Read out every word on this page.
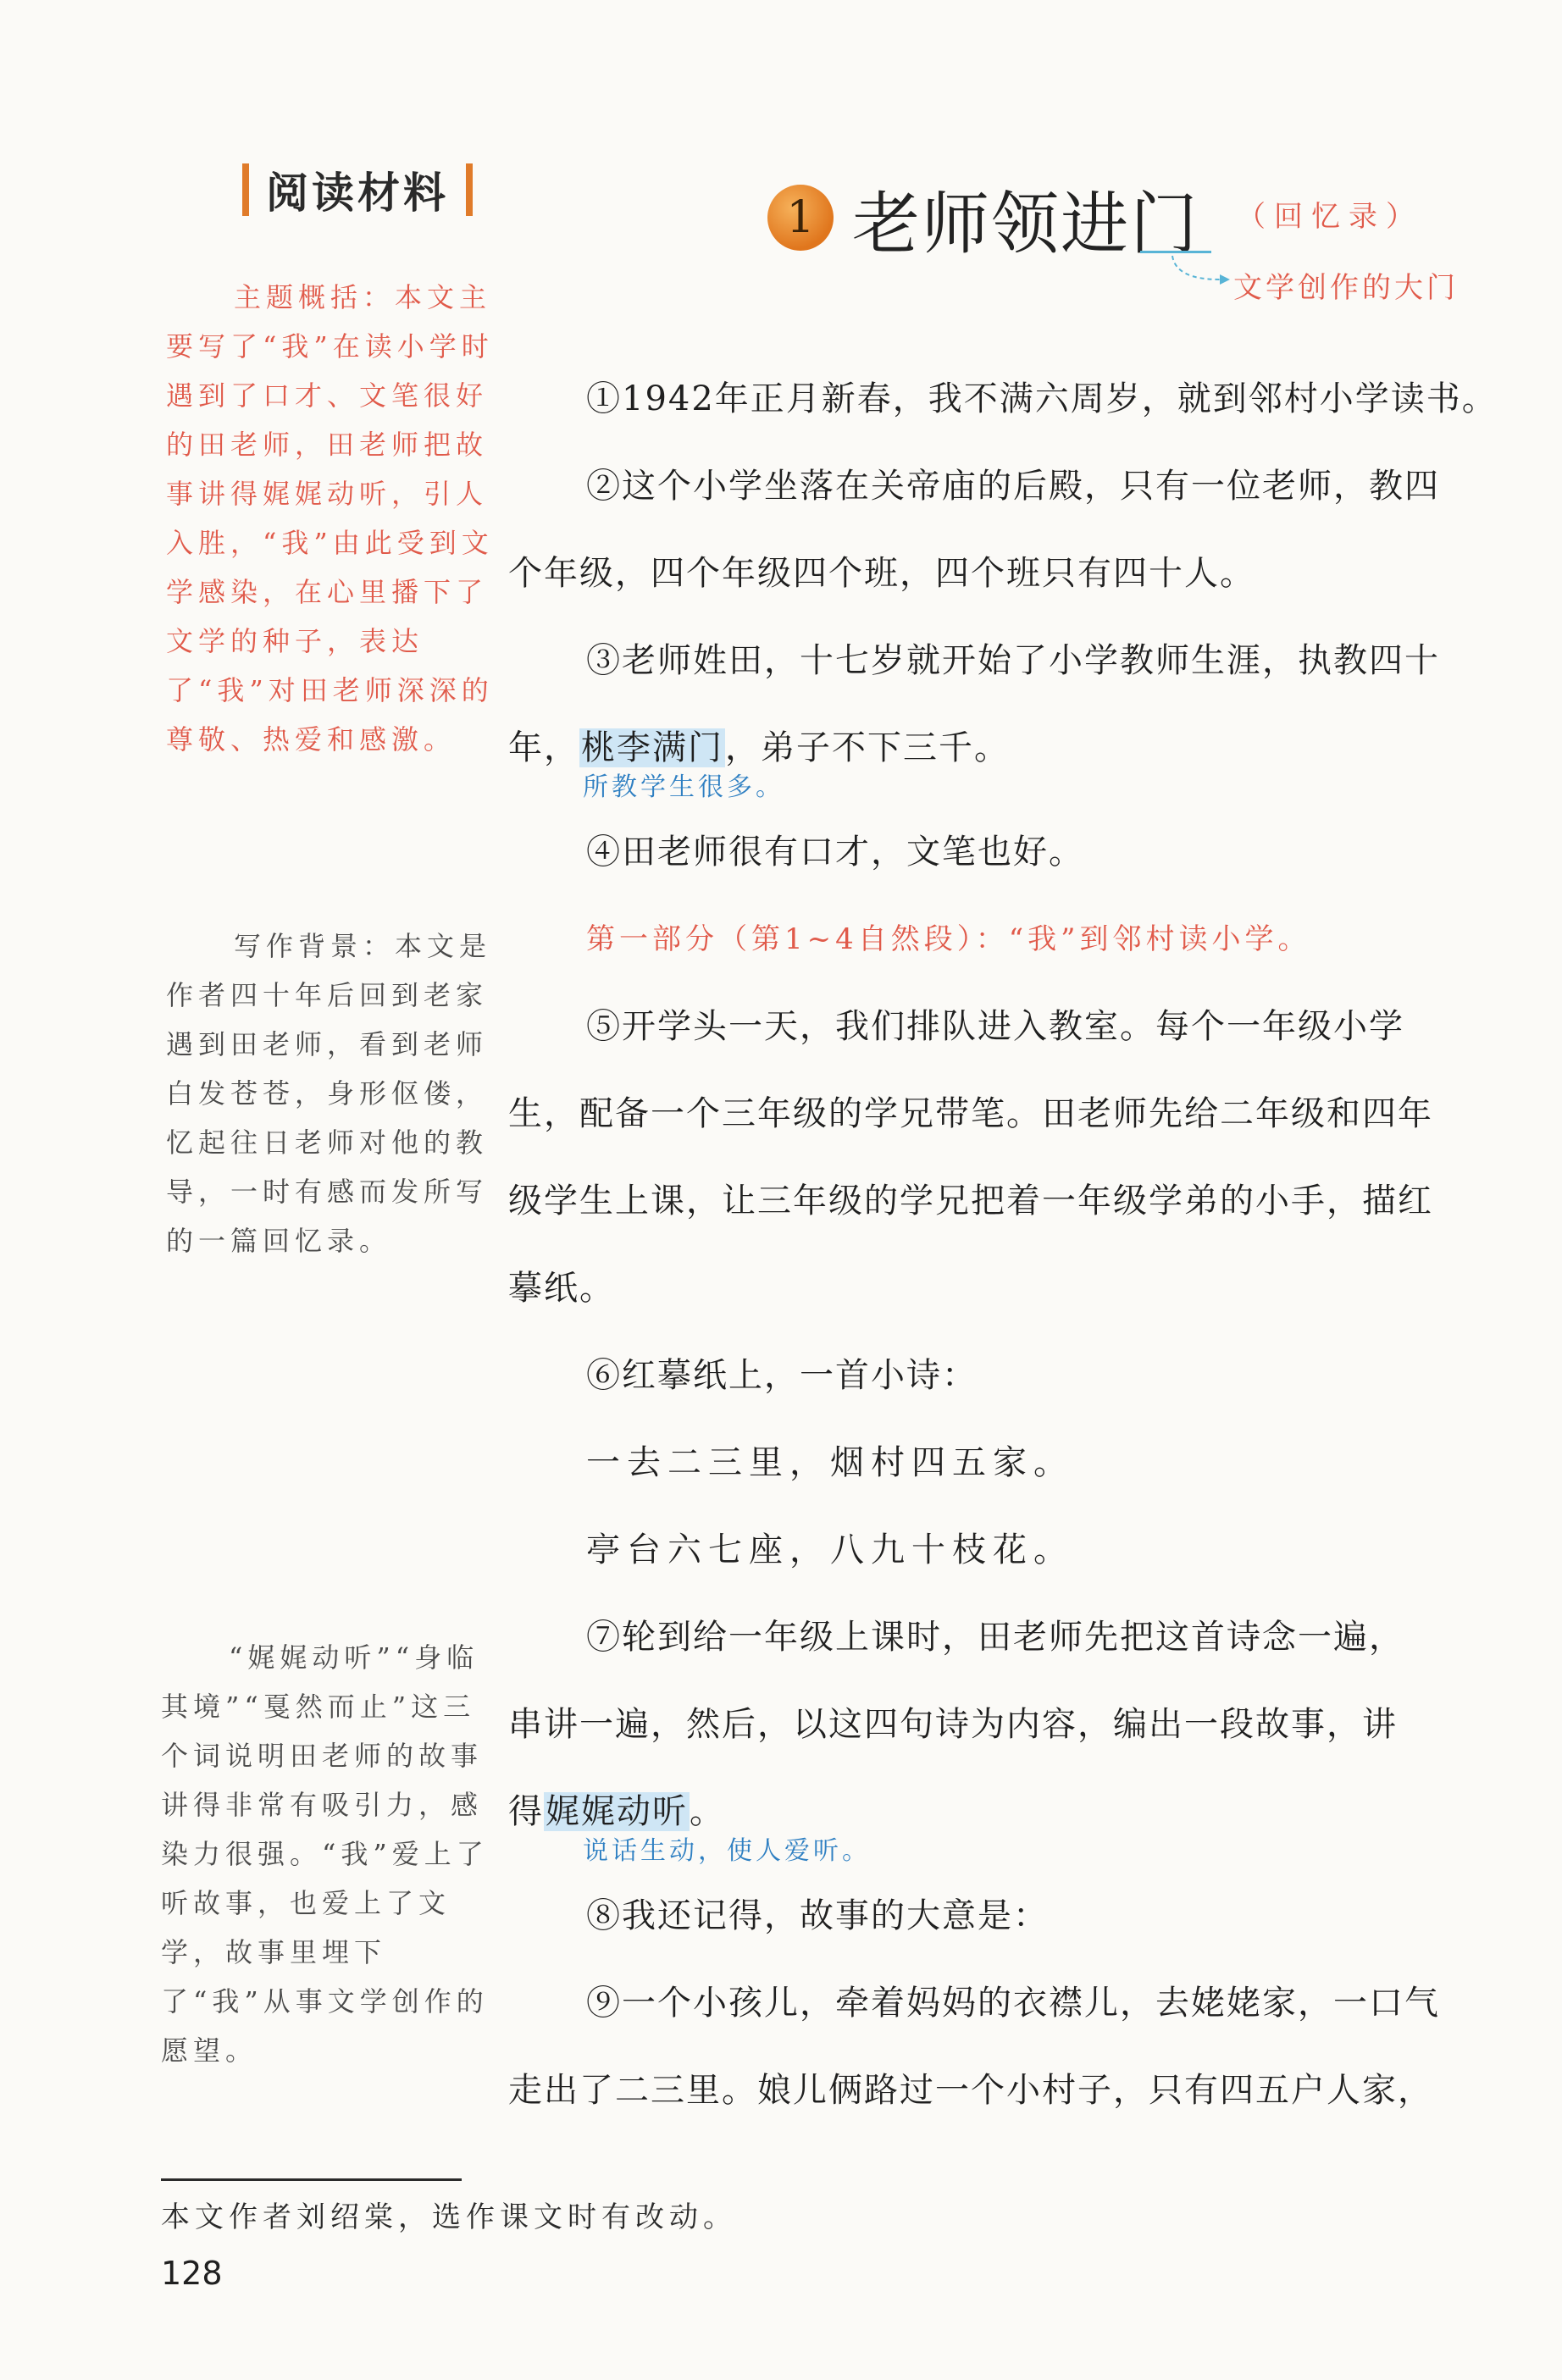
阅读材料	1 老师领进门 （回忆录）
文学创作的大门
主题概括：本文主要写了“我”在读小学时遇到了口才、文笔很好的田老师，田老师把故事讲得娓娓动听，引人入胜，“我”由此受到文学感染，在心里播下了文学的种子，表达了“我”对田老师深深的尊敬、热爱和感激。
写作背景：本文是作者四十年后回到老家遇到田老师，看到老师白发苍苍，身形伛偻，忆起往日老师对他的教导，一时有感而发所写的一篇回忆录。
“娓娓动听”“身临其境”“戛然而止”这三个词说明田老师的故事讲得非常有吸引力，感染力很强。“我”爱上了听故事，也爱上了文学，故事里埋下了“我”从事文学创作的愿望。

①1942年正月新春，我不满六周岁，就到邻村小学读书。

②这个小学坐落在关帝庙的后殿，只有一位老师，教四

个年级，四个年级四个班，四个班只有四十人。

③老师姓田，十七岁就开始了小学教师生涯，执教四十

年，桃李满门，弟子不下三千。

所教学生很多。

④田老师很有口才，文笔也好。

第一部分（第1~4自然段）：“我”到邻村读小学。

⑤开学头一天，我们排队进入教室。每个一年级小学

生，配备一个三年级的学兄带笔。田老师先给二年级和四年

级学生上课，让三年级的学兄把着一年级学弟的小手，描红

摹纸。

⑥红摹纸上，一首小诗：

一去二三里，烟村四五家。

亭台六七座，八九十枝花。

⑦轮到给一年级上课时，田老师先把这首诗念一遍，

串讲一遍，然后，以这四句诗为内容，编出一段故事，讲

得娓娓动听。

说话生动，使人爱听。

⑧我还记得，故事的大意是：

⑨一个小孩儿，牵着妈妈的衣襟儿，去姥姥家，一口气

走出了二三里。娘儿俩路过一个小村子，只有四五户人家，

本文作者刘绍棠，选作课文时有改动。
128
